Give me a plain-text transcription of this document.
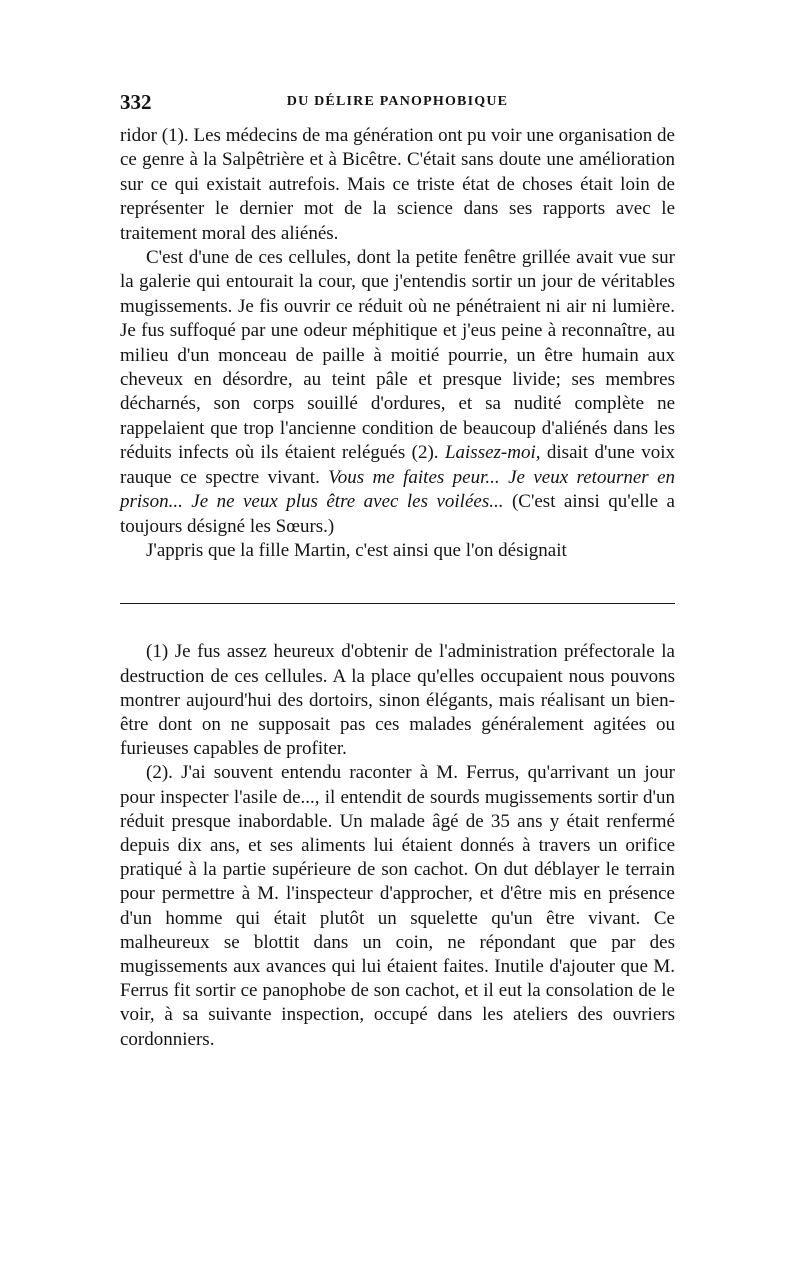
332	DU DÉLIRE PANOPHOBIQUE

ridor (1). Les médecins de ma génération ont pu voir une organisation de ce genre à la Salpêtrière et à Bicêtre. C'était sans doute une amélioration sur ce qui existait autrefois. Mais ce triste état de choses était loin de représenter le dernier mot de la science dans ses rapports avec le traitement moral des aliénés.

C'est d'une de ces cellules, dont la petite fenêtre grillée avait vue sur la galerie qui entourait la cour, que j'entendis sortir un jour de véritables mugissements. Je fis ouvrir ce réduit où ne pénétraient ni air ni lumière. Je fus suffoqué par une odeur méphitique et j'eus peine à reconnaître, au milieu d'un monceau de paille à moitié pourrie, un être humain aux cheveux en désordre, au teint pâle et presque livide; ses membres décharnés, son corps souillé d'ordures, et sa nudité complète ne rappelaient que trop l'ancienne condition de beaucoup d'aliénés dans les réduits infects où ils étaient relégués (2). Laissez-moi, disait d'une voix rauque ce spectre vivant. Vous me faites peur... Je veux retourner en prison... Je ne veux plus être avec les voilées... (C'est ainsi qu'elle a toujours désigné les Sœurs.)

J'appris que la fille Martin, c'est ainsi que l'on désignait

(1) Je fus assez heureux d'obtenir de l'administration préfectorale la destruction de ces cellules. A la place qu'elles occupaient nous pouvons montrer aujourd'hui des dortoirs, sinon élégants, mais réalisant un bien-être dont on ne supposait pas ces malades généralement agitées ou furieuses capables de profiter.

(2). J'ai souvent entendu raconter à M. Ferrus, qu'arrivant un jour pour inspecter l'asile de..., il entendit de sourds mugissements sortir d'un réduit presque inabordable. Un malade âgé de 35 ans y était renfermé depuis dix ans, et ses aliments lui étaient donnés à travers un orifice pratiqué à la partie supérieure de son cachot. On dut déblayer le terrain pour permettre à M. l'inspecteur d'approcher, et d'être mis en présence d'un homme qui était plutôt un squelette qu'un être vivant. Ce malheureux se blottit dans un coin, ne répondant que par des mugissements aux avances qui lui étaient faites. Inutile d'ajouter que M. Ferrus fit sortir ce panophobe de son cachot, et il eut la consolation de le voir, à sa suivante inspection, occupé dans les ateliers des ouvriers cordonniers.
